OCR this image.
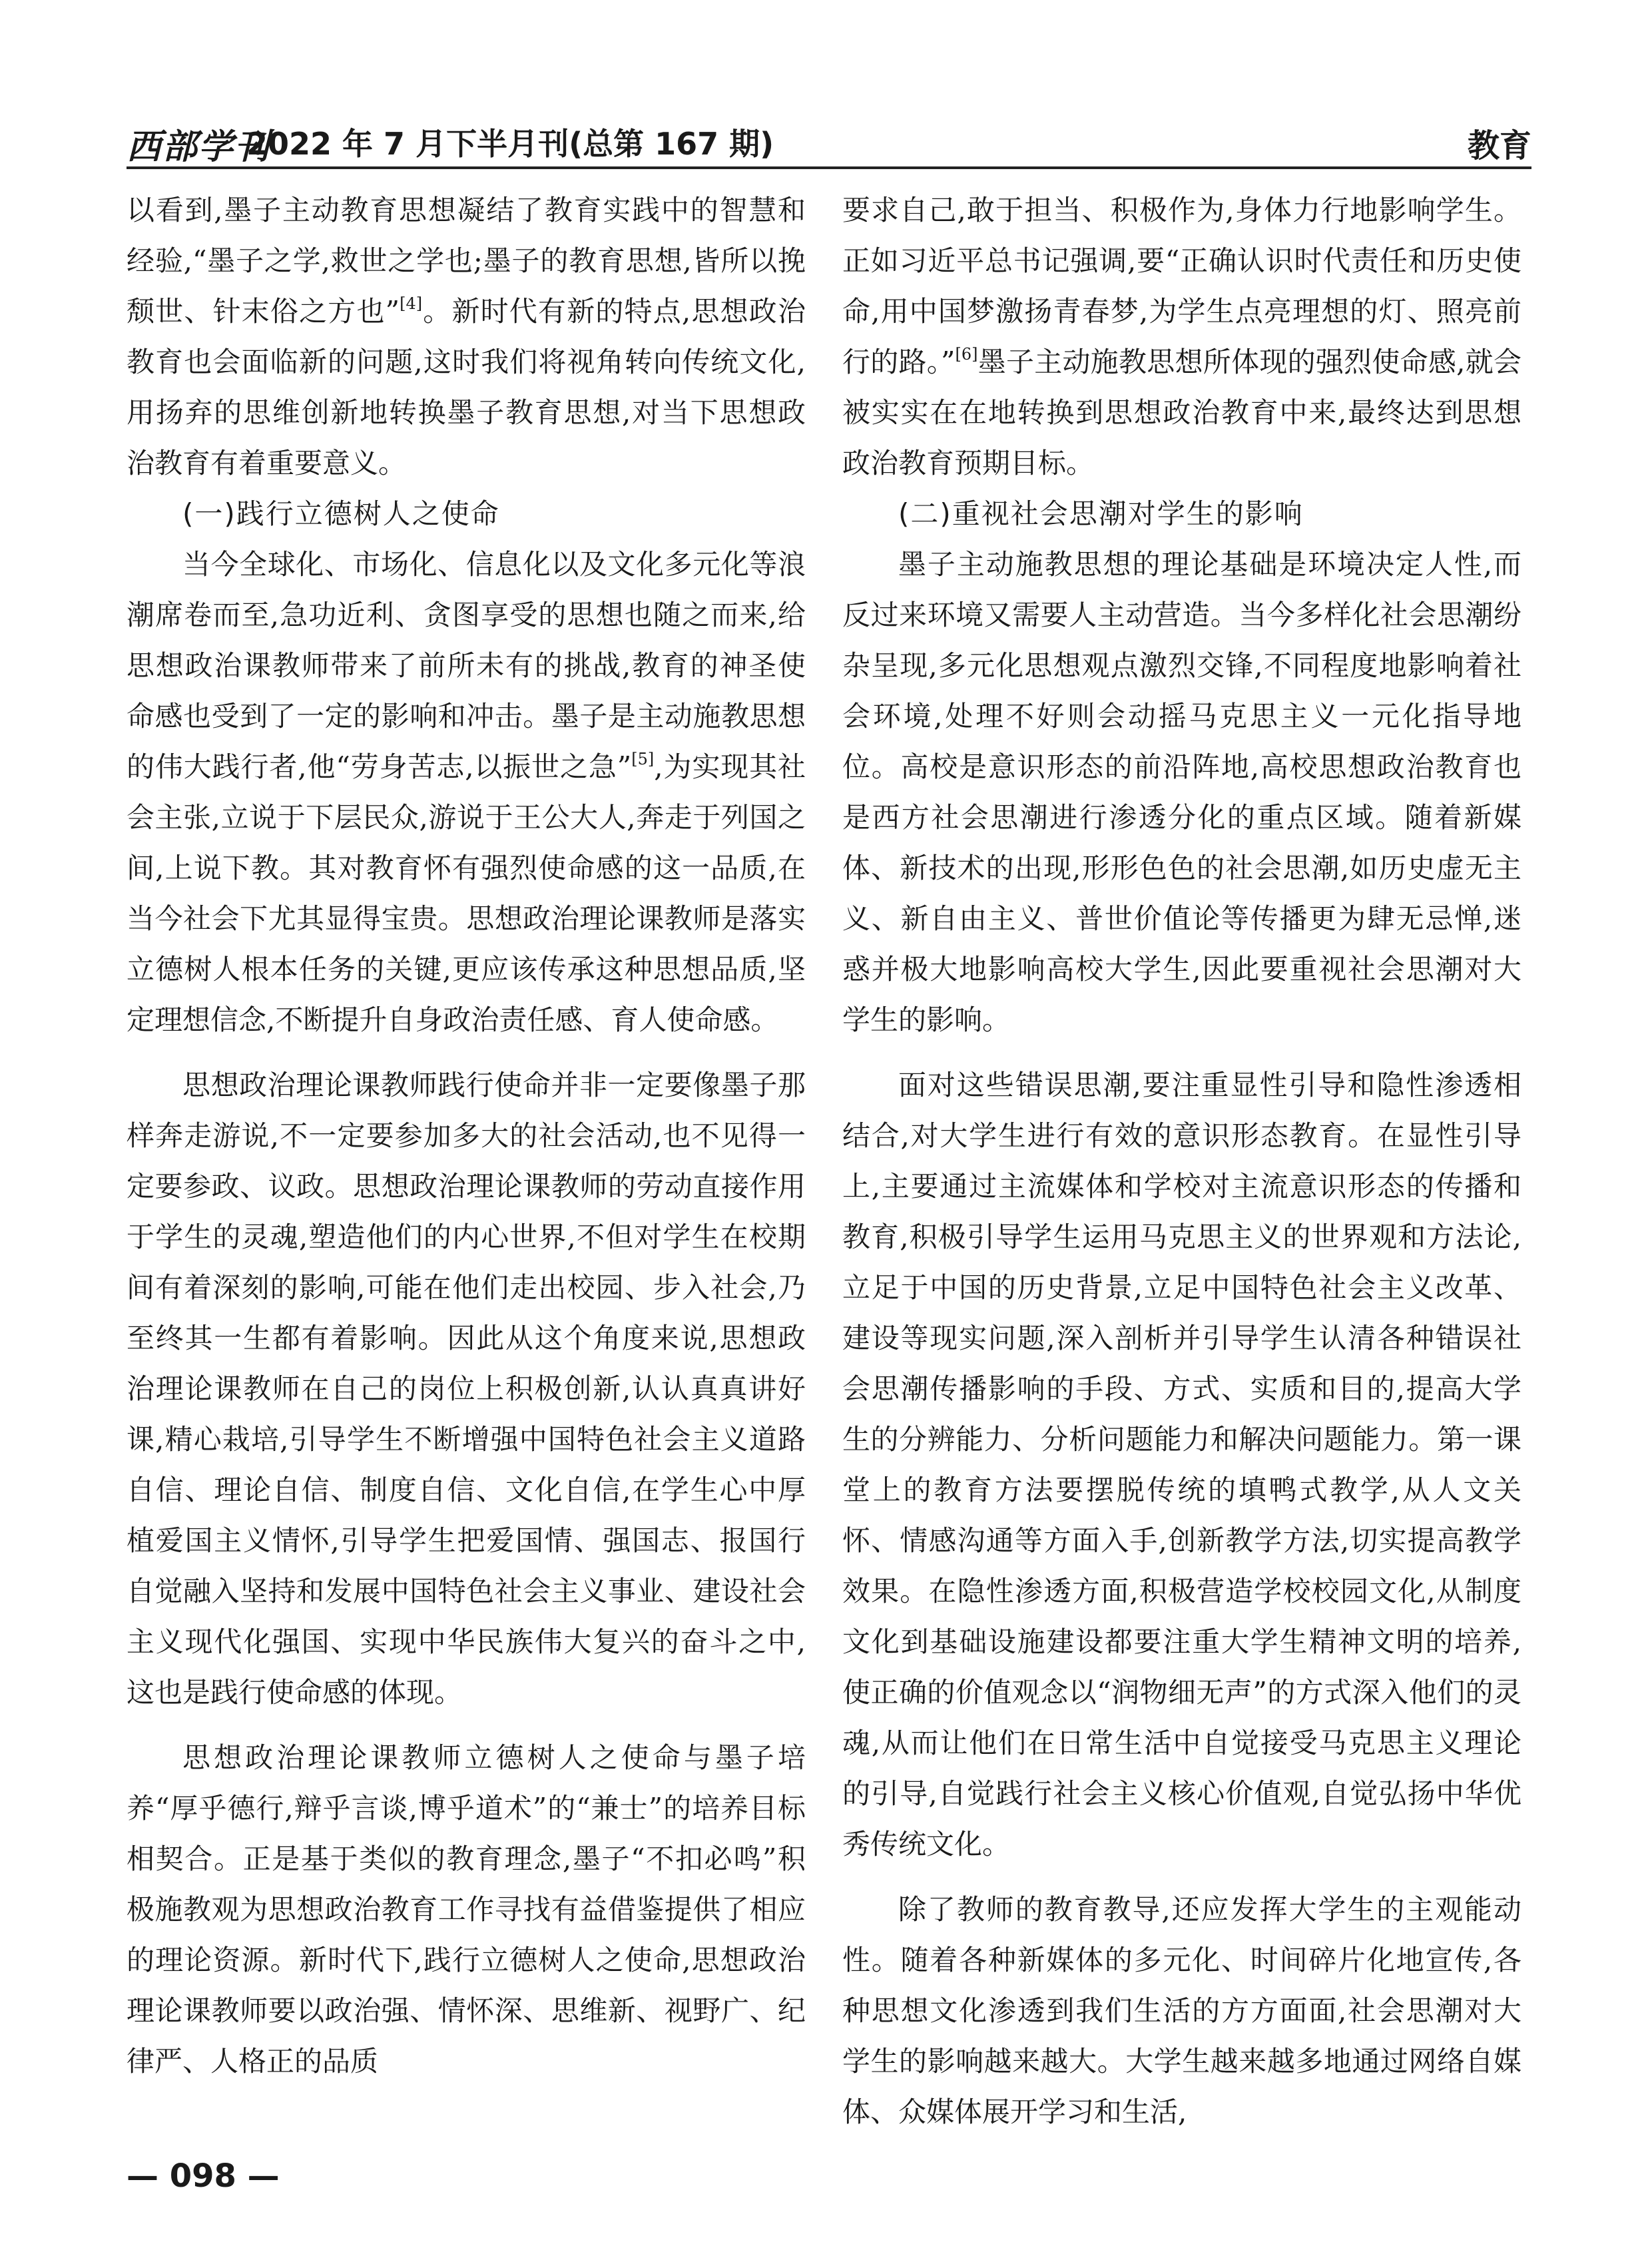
西部学刊
2022 年 7 月下半月刊(总第 167 期)	教育

以看到,墨子主动教育思想凝结了教育实践中的智慧和经验,“墨子之学,救世之学也;墨子的教育思想,皆所以挽颓世、针末俗之方也”[4]。新时代有新的特点,思想政治教育也会面临新的问题,这时我们将视角转向传统文化,用扬弃的思维创新地转换墨子教育思想,对当下思想政治教育有着重要意义。

(一)践行立德树人之使命

当今全球化、市场化、信息化以及文化多元化等浪潮席卷而至,急功近利、贪图享受的思想也随之而来,给思想政治课教师带来了前所未有的挑战,教育的神圣使命感也受到了一定的影响和冲击。墨子是主动施教思想的伟大践行者,他“劳身苦志,以振世之急”[5],为实现其社会主张,立说于下层民众,游说于王公大人,奔走于列国之间,上说下教。其对教育怀有强烈使命感的这一品质,在当今社会下尤其显得宝贵。思想政治理论课教师是落实立德树人根本任务的关键,更应该传承这种思想品质,坚定理想信念,不断提升自身政治责任感、育人使命感。

思想政治理论课教师践行使命并非一定要像墨子那样奔走游说,不一定要参加多大的社会活动,也不见得一定要参政、议政。思想政治理论课教师的劳动直接作用于学生的灵魂,塑造他们的内心世界,不但对学生在校期间有着深刻的影响,可能在他们走出校园、步入社会,乃至终其一生都有着影响。因此从这个角度来说,思想政治理论课教师在自己的岗位上积极创新,认认真真讲好课,精心栽培,引导学生不断增强中国特色社会主义道路自信、理论自信、制度自信、文化自信,在学生心中厚植爱国主义情怀,引导学生把爱国情、强国志、报国行自觉融入坚持和发展中国特色社会主义事业、建设社会主义现代化强国、实现中华民族伟大复兴的奋斗之中,这也是践行使命感的体现。

思想政治理论课教师立德树人之使命与墨子培养“厚乎德行,辩乎言谈,博乎道术”的“兼士”的培养目标相契合。正是基于类似的教育理念,墨子“不扣必鸣”积极施教观为思想政治教育工作寻找有益借鉴提供了相应的理论资源。新时代下,践行立德树人之使命,思想政治理论课教师要以政治强、情怀深、思维新、视野广、纪律严、人格正的品质

要求自己,敢于担当、积极作为,身体力行地影响学生。正如习近平总书记强调,要“正确认识时代责任和历史使命,用中国梦激扬青春梦,为学生点亮理想的灯、照亮前行的路。”[6]墨子主动施教思想所体现的强烈使命感,就会被实实在在地转换到思想政治教育中来,最终达到思想政治教育预期目标。

(二)重视社会思潮对学生的影响

墨子主动施教思想的理论基础是环境决定人性,而反过来环境又需要人主动营造。当今多样化社会思潮纷杂呈现,多元化思想观点激烈交锋,不同程度地影响着社会环境,处理不好则会动摇马克思主义一元化指导地位。高校是意识形态的前沿阵地,高校思想政治教育也是西方社会思潮进行渗透分化的重点区域。随着新媒体、新技术的出现,形形色色的社会思潮,如历史虚无主义、新自由主义、普世价值论等传播更为肆无忌惮,迷惑并极大地影响高校大学生,因此要重视社会思潮对大学生的影响。

面对这些错误思潮,要注重显性引导和隐性渗透相结合,对大学生进行有效的意识形态教育。在显性引导上,主要通过主流媒体和学校对主流意识形态的传播和教育,积极引导学生运用马克思主义的世界观和方法论,立足于中国的历史背景,立足中国特色社会主义改革、建设等现实问题,深入剖析并引导学生认清各种错误社会思潮传播影响的手段、方式、实质和目的,提高大学生的分辨能力、分析问题能力和解决问题能力。第一课堂上的教育方法要摆脱传统的填鸭式教学,从人文关怀、情感沟通等方面入手,创新教学方法,切实提高教学效果。在隐性渗透方面,积极营造学校校园文化,从制度文化到基础设施建设都要注重大学生精神文明的培养,使正确的价值观念以“润物细无声”的方式深入他们的灵魂,从而让他们在日常生活中自觉接受马克思主义理论的引导,自觉践行社会主义核心价值观,自觉弘扬中华优秀传统文化。

除了教师的教育教导,还应发挥大学生的主观能动性。随着各种新媒体的多元化、时间碎片化地宣传,各种思想文化渗透到我们生活的方方面面,社会思潮对大学生的影响越来越大。大学生越来越多地通过网络自媒体、众媒体展开学习和生活,

— 098 —
